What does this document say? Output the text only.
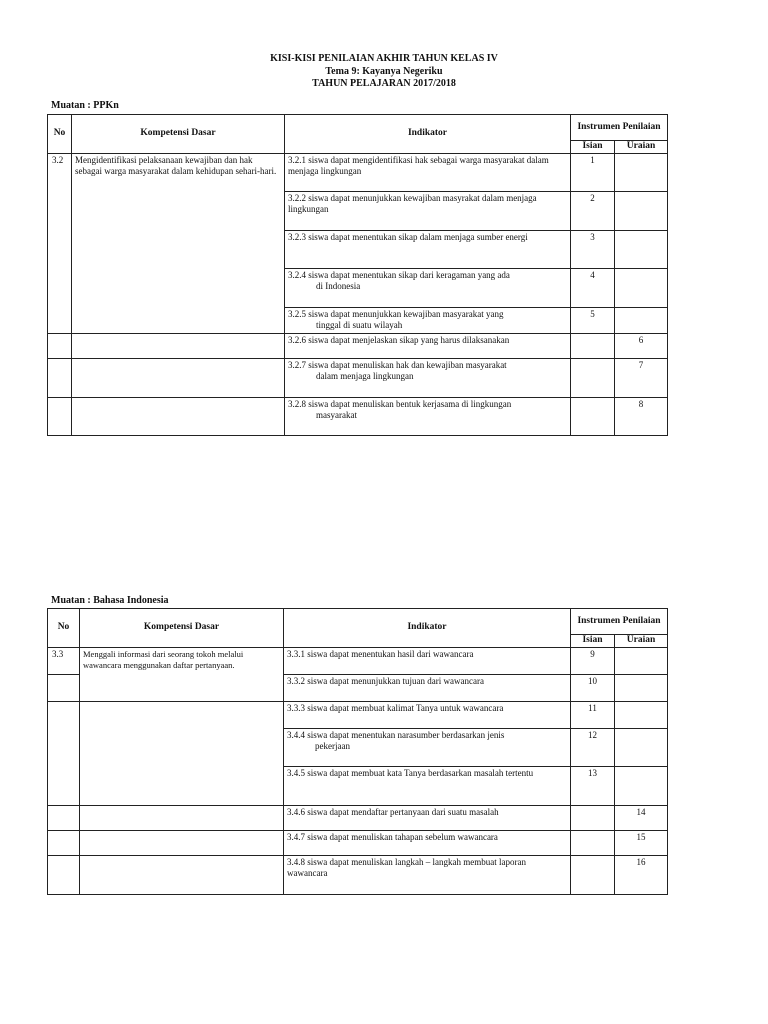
KISI-KISI PENILAIAN AKHIR TAHUN KELAS IV
Tema 9: Kayanya Negeriku
TAHUN PELAJARAN 2017/2018
Muatan : PPKn
No	Kompetensi Dasar	Indikator	Instrumen Penilaian	
			Isian	Uraian
3.2	Mengidentifikasi pelaksanaan kewajiban dan hak sebagai warga masyarakat dalam kehidupan sehari-hari.	3.2.1 siswa dapat mengidentifikasi hak sebagai warga masyarakat dalam menjaga lingkungan	1	
		3.2.2 siswa dapat menunjukkan kewajiban masyrakat dalam menjaga lingkungan	2	
		3.2.3 siswa dapat menentukan sikap dalam menjaga sumber energi	3	
		3.2.4 siswa dapat menentukan sikap dari keragaman yang ada
di Indonesia	4	
		3.2.5 siswa dapat menunjukkan kewajiban masyarakat yang
tinggal di suatu wilayah	5	
		3.2.6 siswa dapat menjelaskan sikap yang harus dilaksanakan		6
		3.2.7 siswa dapat menuliskan hak dan kewajiban masyarakat
dalam menjaga lingkungan		7
		3.2.8 siswa dapat menuliskan bentuk kerjasama di lingkungan
masyarakat		8
Muatan : Bahasa Indonesia
No	Kompetensi Dasar	Indikator	Instrumen Penilaian	
			Isian	Uraian
3.3	Menggali informasi dari seorang tokoh melalui wawancara menggunakan daftar pertanyaan.	3.3.1 siswa dapat menentukan hasil dari wawancara	9	
		3.3.2 siswa dapat menunjukkan tujuan dari wawancara	10	
		3.3.3 siswa dapat membuat kalimat Tanya untuk wawancara	11	
		3.4.4 siswa dapat menentukan narasumber berdasarkan jenis
pekerjaan	12	
		3.4.5 siswa dapat membuat kata Tanya berdasarkan masalah tertentu	13	
		3.4.6 siswa dapat mendaftar pertanyaan dari suatu masalah		14
		3.4.7 siswa dapat menuliskan tahapan sebelum wawancara		15
		3.4.8 siswa dapat menuliskan langkah – langkah membuat laporan wawancara		16
